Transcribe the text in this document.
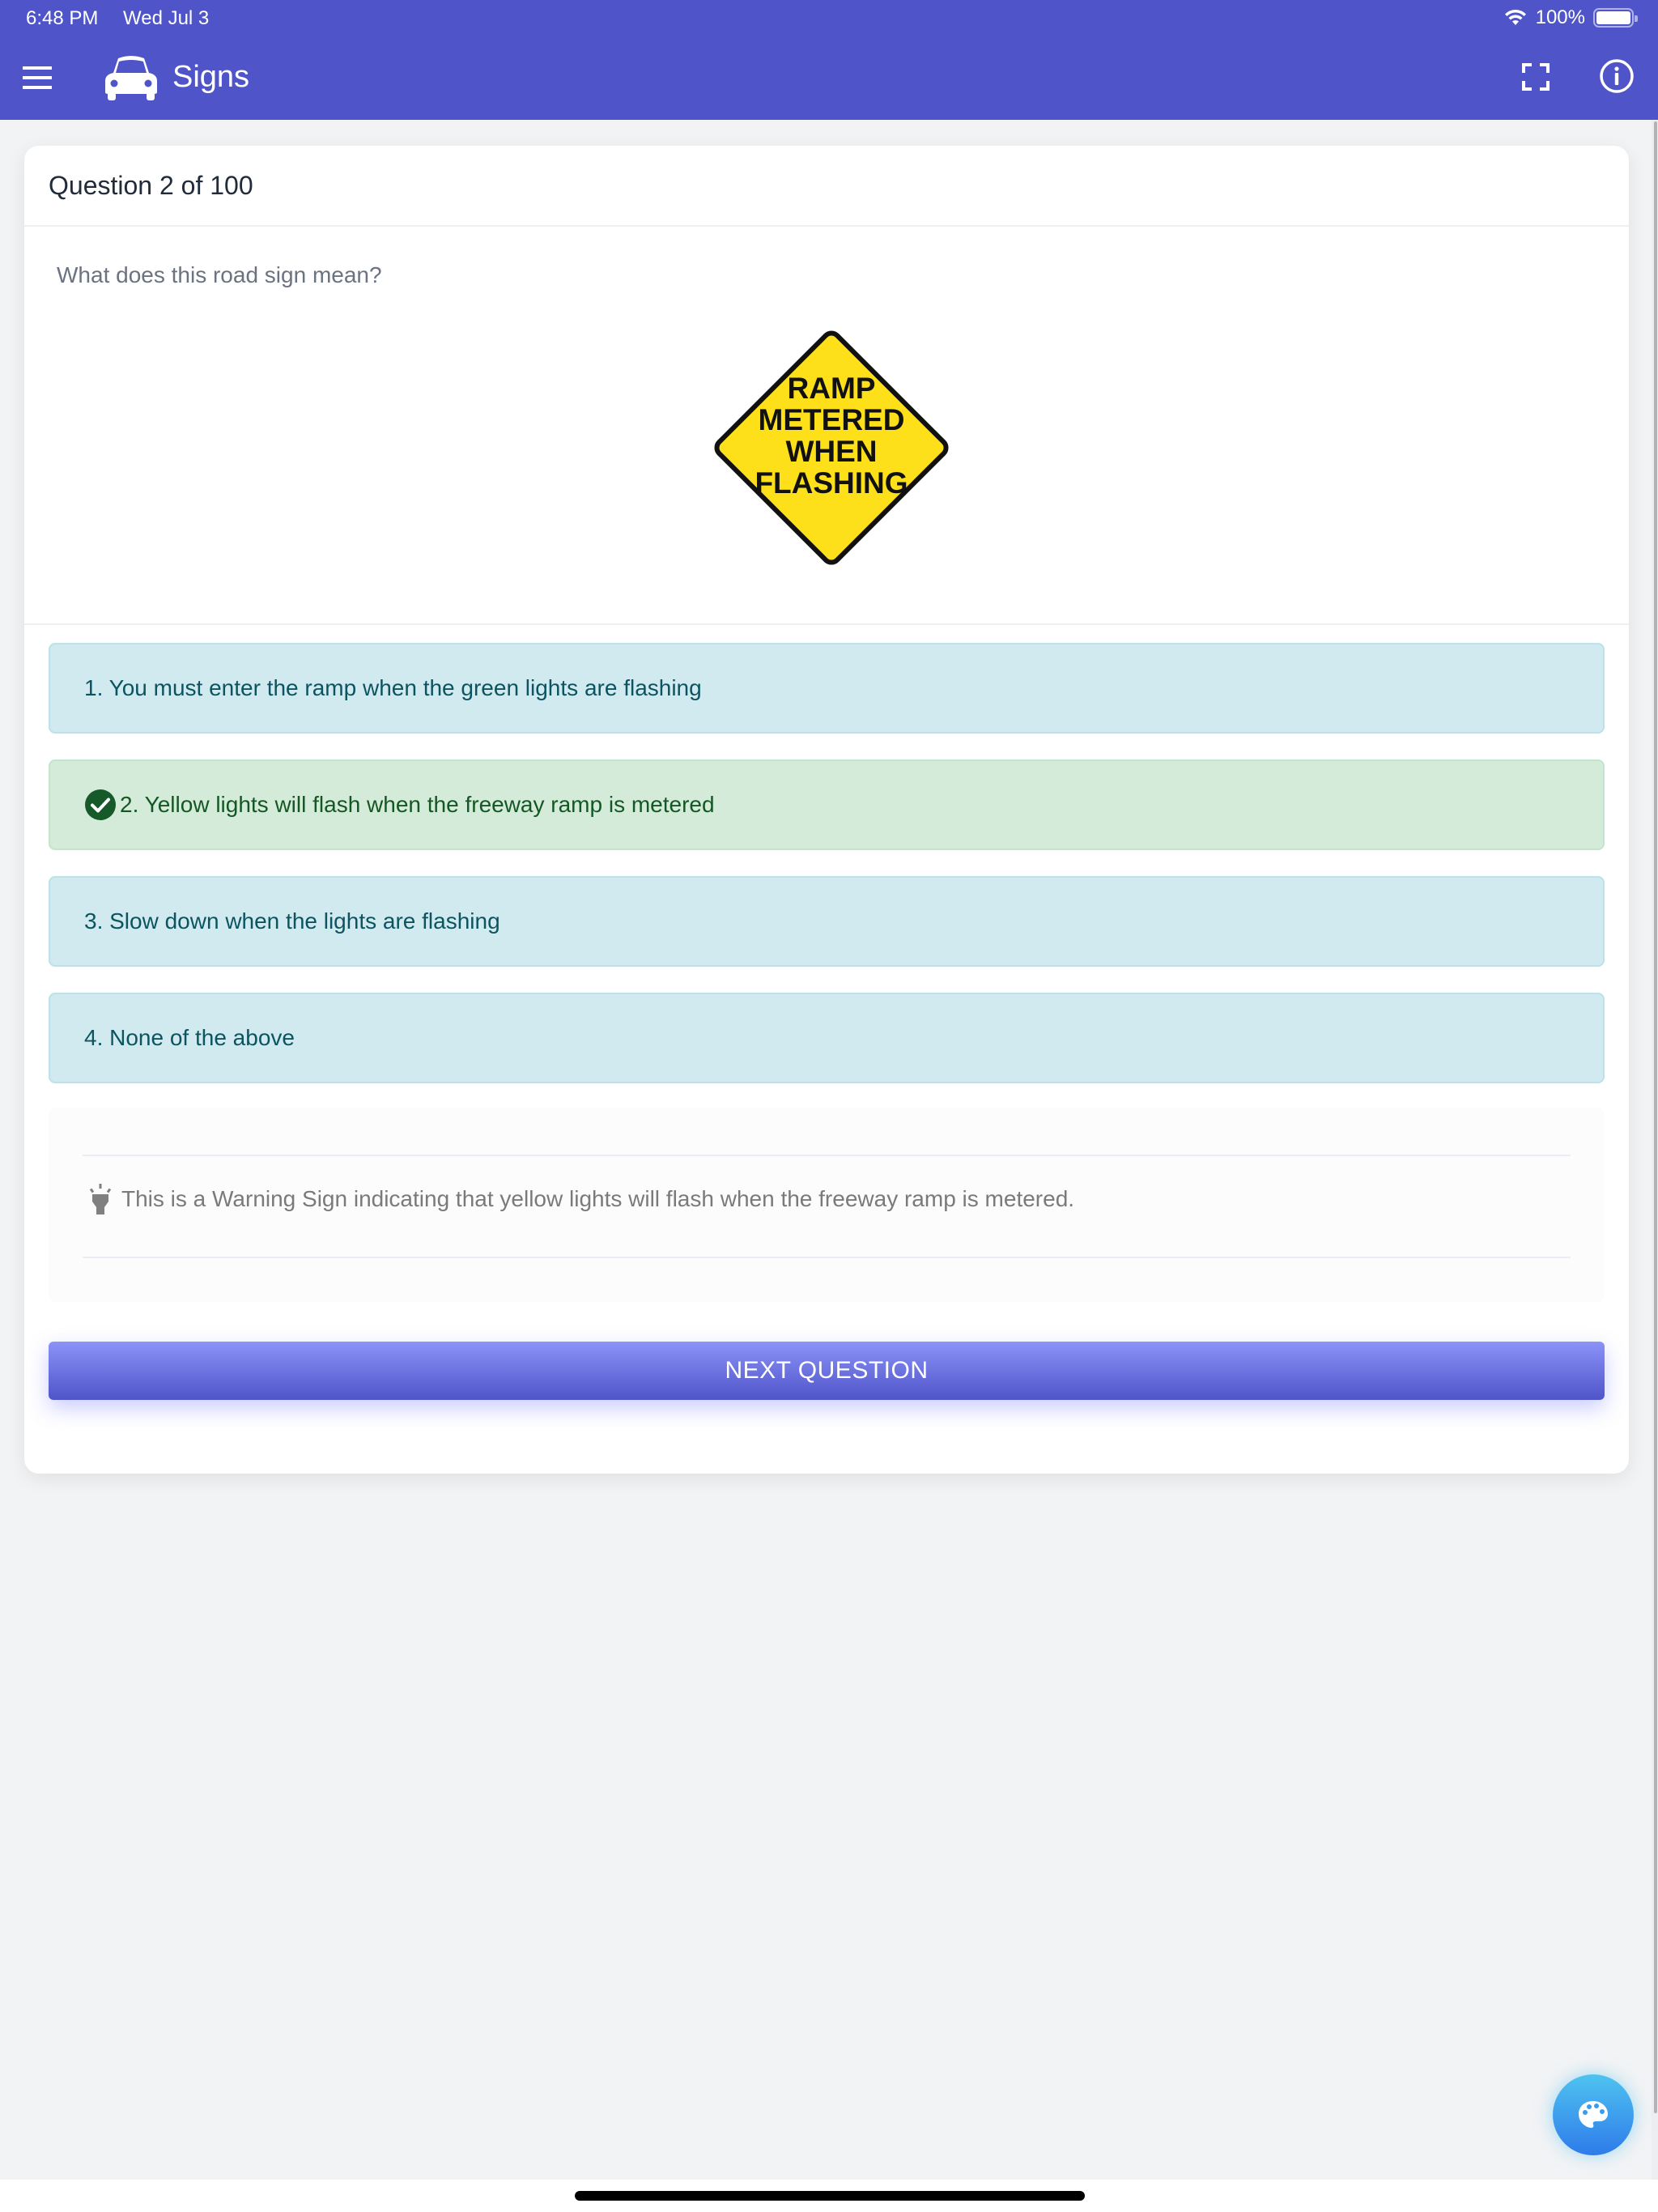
6:48 PM Wed Jul 3	100%
Signs
Question 2 of 100
What does this road sign mean?
RAMP
METERED
WHEN
FLASHING
1. You must enter the ramp when the green lights are flashing
2. Yellow lights will flash when the freeway ramp is metered
3. Slow down when the lights are flashing
4. None of the above
This is a Warning Sign indicating that yellow lights will flash when the freeway ramp is metered.
NEXT QUESTION
